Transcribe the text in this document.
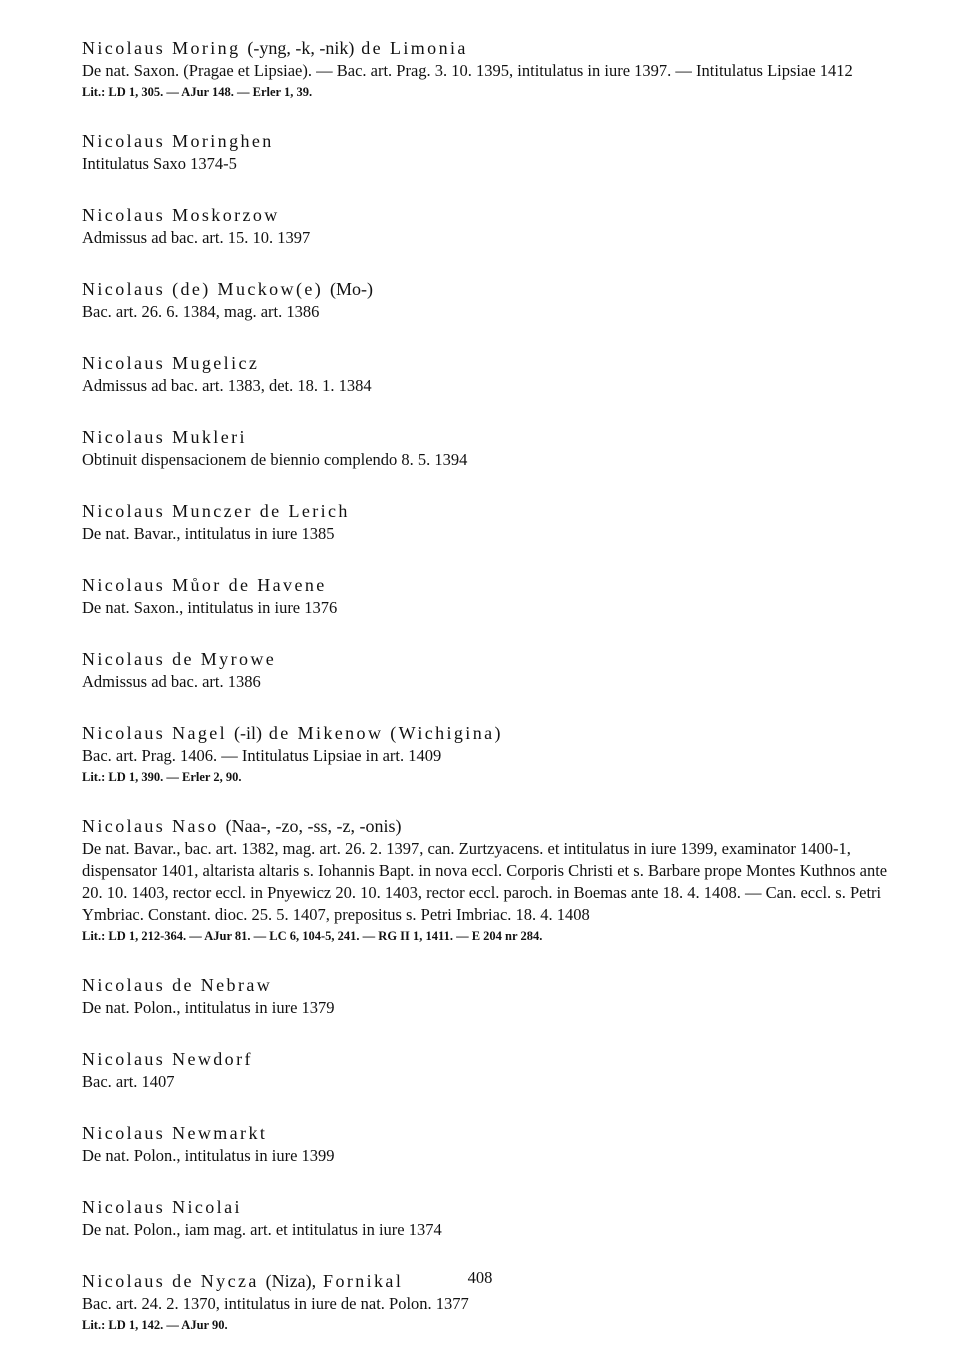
Nicolaus Moring (-yng, -k, -nik) de Limonia
De nat. Saxon. (Pragae et Lipsiae). — Bac. art. Prag. 3. 10. 1395, intitulatus in iure 1397. — Intitulatus Lipsiae 1412
Lit.: LD 1, 305. — AJur 148. — Erler 1, 39.
Nicolaus Moringhen
Intitulatus Saxo 1374-5
Nicolaus Moskorzow
Admissus ad bac. art. 15. 10. 1397
Nicolaus (de) Muckow(e) (Mo-)
Bac. art. 26. 6. 1384, mag. art. 1386
Nicolaus Mugelicz
Admissus ad bac. art. 1383, det. 18. 1. 1384
Nicolaus Mukleri
Obtinuit dispensacionem de biennio complendo 8. 5. 1394
Nicolaus Munczer de Lerich
De nat. Bavar., intitulatus in iure 1385
Nicolaus Můor de Havene
De nat. Saxon., intitulatus in iure 1376
Nicolaus de Myrowe
Admissus ad bac. art. 1386
Nicolaus Nagel (-il) de Mikenow (Wichigina)
Bac. art. Prag. 1406. — Intitulatus Lipsiae in art. 1409
Lit.: LD 1, 390. — Erler 2, 90.
Nicolaus Naso (Naa-, -zo, -ss, -z, -onis)
De nat. Bavar., bac. art. 1382, mag. art. 26. 2. 1397, can. Zurtzyacens. et intitulatus in iure 1399, examinator 1400-1, dispensator 1401, altarista altaris s. Iohannis Bapt. in nova eccl. Corporis Christi et s. Barbare prope Montes Kuthnos ante 20. 10. 1403, rector eccl. in Pnyewicz 20. 10. 1403, rector eccl. paroch. in Boemas ante 18. 4. 1408. — Can. eccl. s. Petri Ymbriac. Constant. dioc. 25. 5. 1407, prepositus s. Petri Imbriac. 18. 4. 1408
Lit.: LD 1, 212-364. — AJur 81. — LC 6, 104-5, 241. — RG II 1, 1411. — E 204 nr 284.
Nicolaus de Nebraw
De nat. Polon., intitulatus in iure 1379
Nicolaus Newdorf
Bac. art. 1407
Nicolaus Newmarkt
De nat. Polon., intitulatus in iure 1399
Nicolaus Nicolai
De nat. Polon., iam mag. art. et intitulatus in iure 1374
Nicolaus de Nycza (Niza), Fornikal
Bac. art. 24. 2. 1370, intitulatus in iure de nat. Polon. 1377
Lit.: LD 1, 142. — AJur 90.
408
